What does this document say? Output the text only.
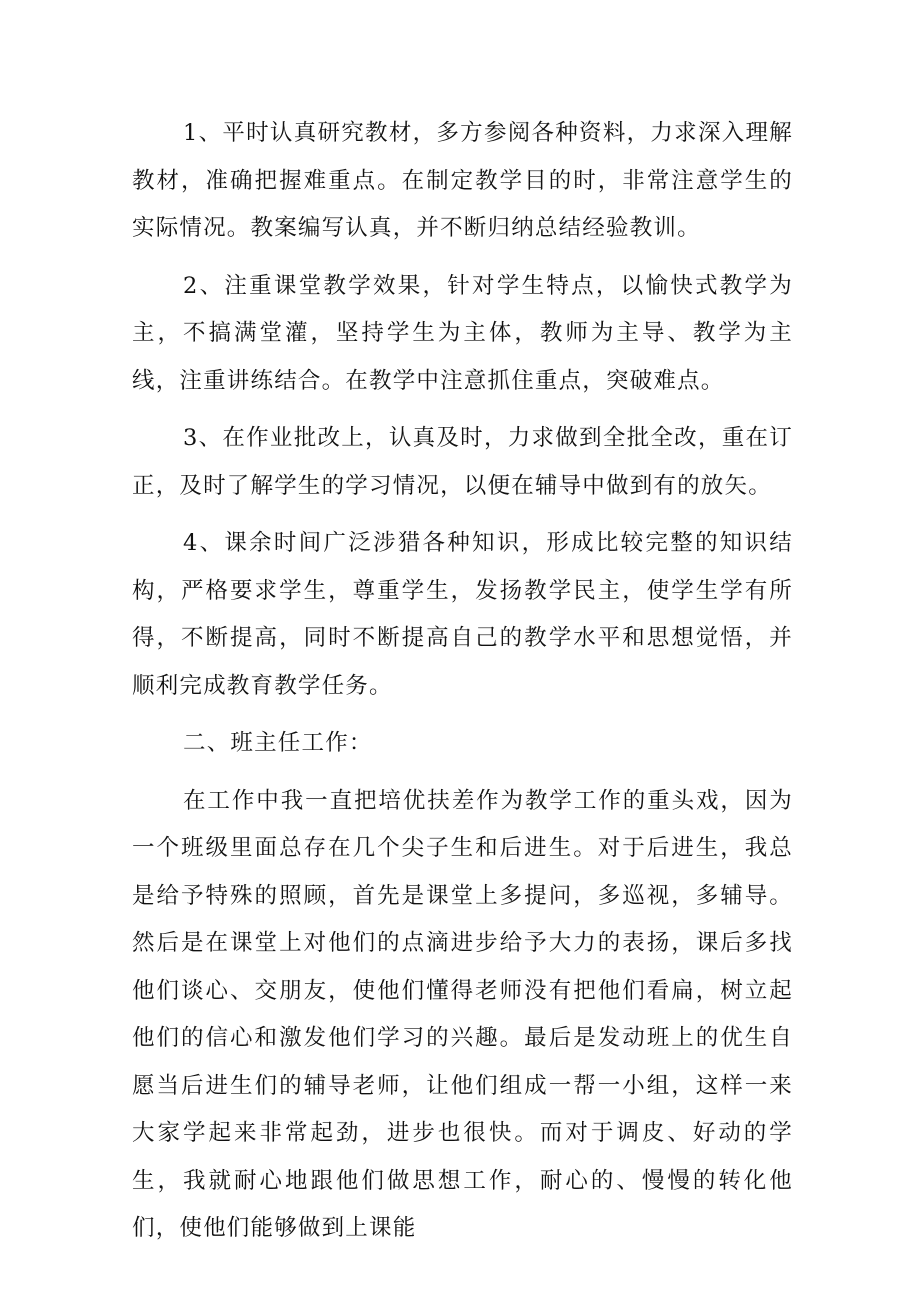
1、平时认真研究教材，多方参阅各种资料，力求深入理解教材，准确把握难重点。在制定教学目的时，非常注意学生的实际情况。教案编写认真，并不断归纳总结经验教训。

2、注重课堂教学效果，针对学生特点，以愉快式教学为主，不搞满堂灌，坚持学生为主体，教师为主导、教学为主线，注重讲练结合。在教学中注意抓住重点，突破难点。

3、在作业批改上，认真及时，力求做到全批全改，重在订正，及时了解学生的学习情况，以便在辅导中做到有的放矢。

4、课余时间广泛涉猎各种知识，形成比较完整的知识结构，严格要求学生，尊重学生，发扬教学民主，使学生学有所得，不断提高，同时不断提高自己的教学水平和思想觉悟，并顺利完成教育教学任务。

二、班主任工作：

在工作中我一直把培优扶差作为教学工作的重头戏，因为一个班级里面总存在几个尖子生和后进生。对于后进生，我总是给予特殊的照顾，首先是课堂上多提问，多巡视，多辅导。然后是在课堂上对他们的点滴进步给予大力的表扬，课后多找他们谈心、交朋友，使他们懂得老师没有把他们看扁，树立起他们的信心和激发他们学习的兴趣。最后是发动班上的优生自愿当后进生们的辅导老师，让他们组成一帮一小组，这样一来大家学起来非常起劲，进步也很快。而对于调皮、好动的学生，我就耐心地跟他们做思想工作，耐心的、慢慢的转化他们，使他们能够做到上课能
